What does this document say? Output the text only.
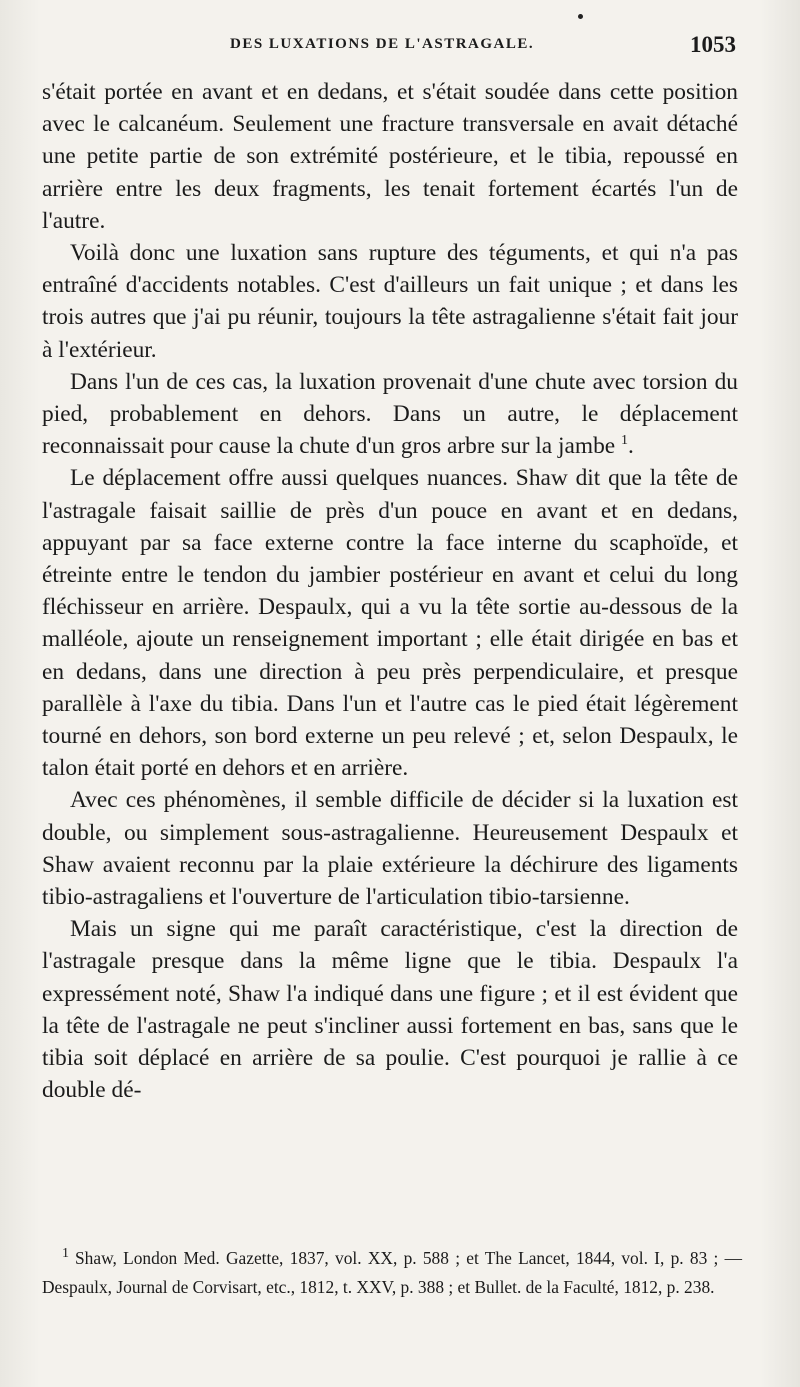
DES LUXATIONS DE L'ASTRAGALE.	1053

s'était portée en avant et en dedans, et s'était soudée dans cette position avec le calcanéum. Seulement une fracture transversale en avait détaché une petite partie de son extrémité postérieure, et le tibia, repoussé en arrière entre les deux fragments, les tenait fortement écartés l'un de l'autre.

Voilà donc une luxation sans rupture des téguments, et qui n'a pas entraîné d'accidents notables. C'est d'ailleurs un fait unique ; et dans les trois autres que j'ai pu réunir, toujours la tête astragalienne s'était fait jour à l'extérieur.

Dans l'un de ces cas, la luxation provenait d'une chute avec torsion du pied, probablement en dehors. Dans un autre, le déplacement reconnaissait pour cause la chute d'un gros arbre sur la jambe $^1$.

Le déplacement offre aussi quelques nuances. Shaw dit que la tête de l'astragale faisait saillie de près d'un pouce en avant et en dedans, appuyant par sa face externe contre la face interne du scaphoïde, et étreinte entre le tendon du jambier postérieur en avant et celui du long fléchisseur en arrière. Despaulx, qui a vu la tête sortie au-dessous de la malléole, ajoute un renseignement important ; elle était dirigée en bas et en dedans, dans une direction à peu près perpendiculaire, et presque parallèle à l'axe du tibia. Dans l'un et l'autre cas le pied était légèrement tourné en dehors, son bord externe un peu relevé ; et, selon Despaulx, le talon était porté en dehors et en arrière.

Avec ces phénomènes, il semble difficile de décider si la luxation est double, ou simplement sous-astragalienne. Heureusement Despaulx et Shaw avaient reconnu par la plaie extérieure la déchirure des ligaments tibio-astragaliens et l'ouverture de l'articulation tibio-tarsienne.

Mais un signe qui me paraît caractéristique, c'est la direction de l'astragale presque dans la même ligne que le tibia. Despaulx l'a expressément noté, Shaw l'a indiqué dans une figure ; et il est évident que la tête de l'astragale ne peut s'incliner aussi fortement en bas, sans que le tibia soit déplacé en arrière de sa poulie. C'est pourquoi je rallie à ce double dé-

$^1$ Shaw, London Med. Gazette, 1837, vol. XX, p. 588 ; et The Lancet, 1844, vol. I, p. 83 ; — Despaulx, Journal de Corvisart, etc., 1812, t. XXV, p. 388 ; et Bullet. de la Faculté, 1812, p. 238.
